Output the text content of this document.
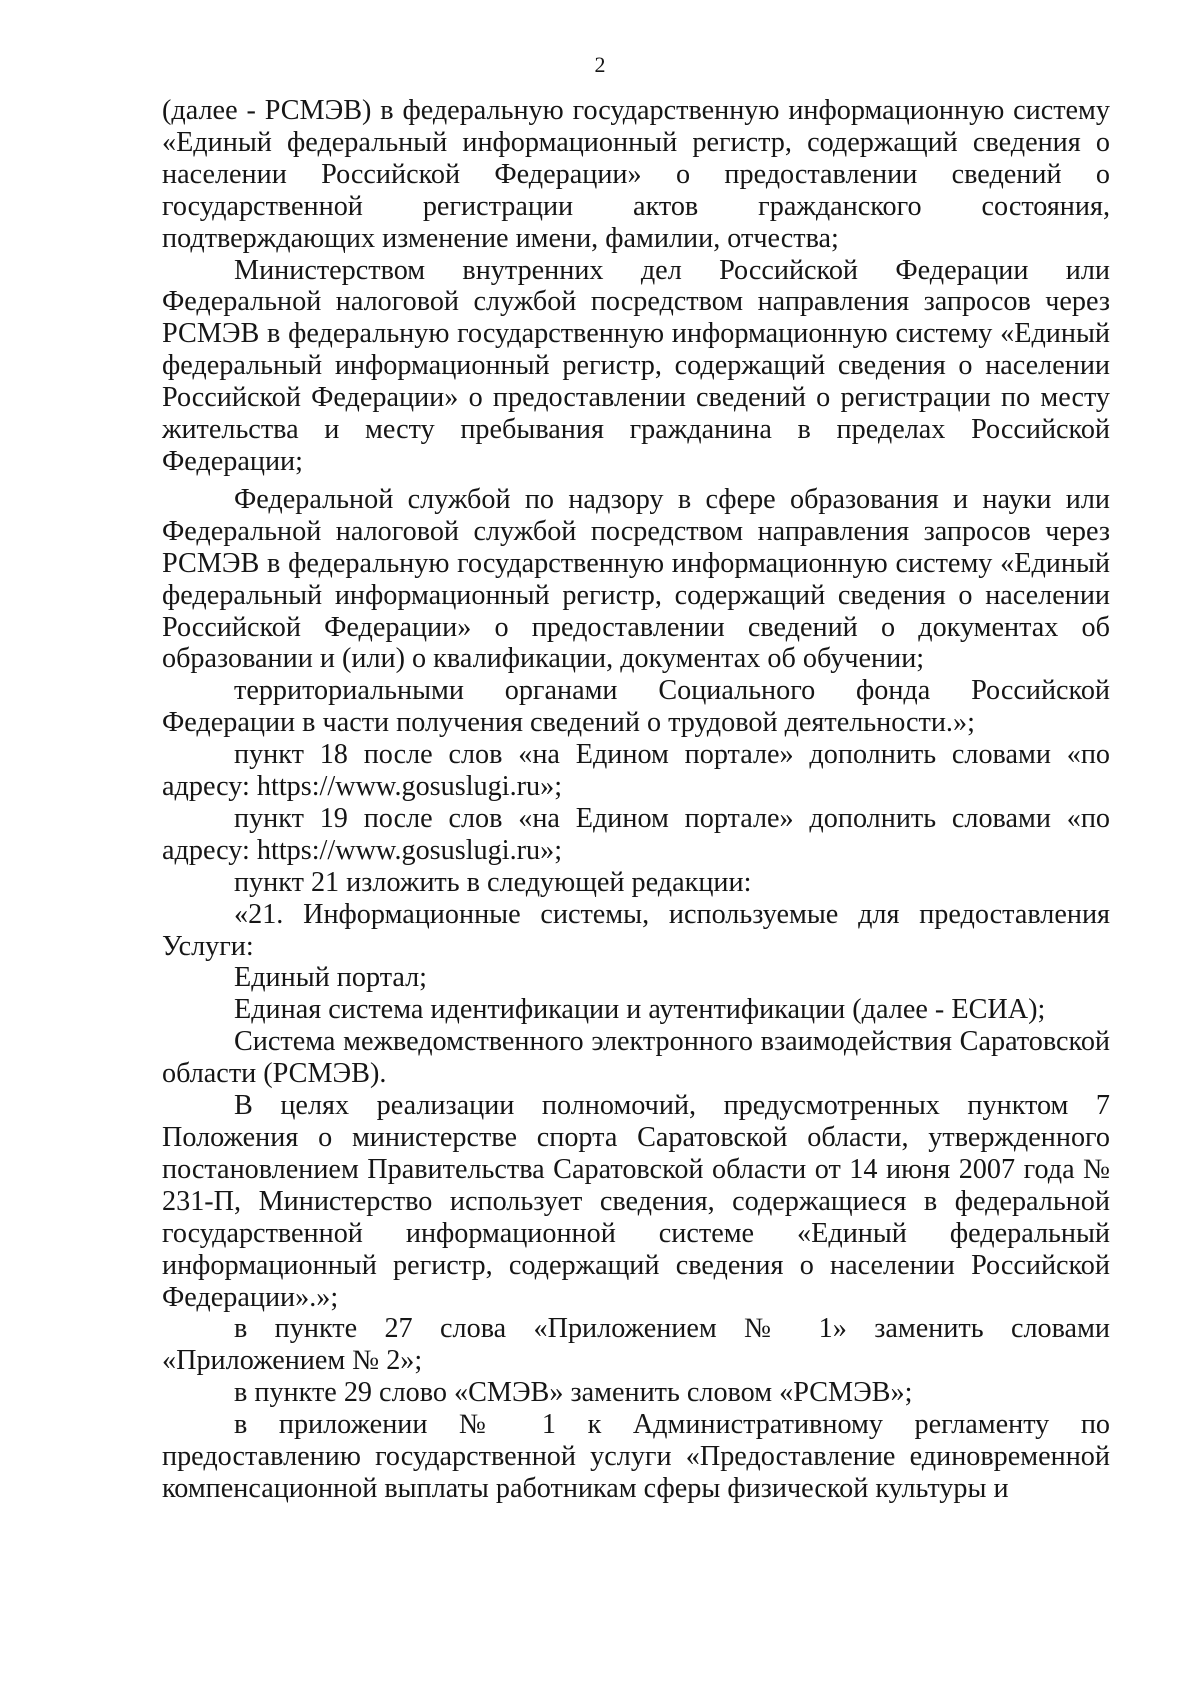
2

(далее - РСМЭВ) в федеральную государственную информационную систему «Единый федеральный информационный регистр, содержащий сведения о населении Российской Федерации» о предоставлении сведений о государственной регистрации актов гражданского состояния, подтверждающих изменение имени, фамилии, отчества;

Министерством внутренних дел Российской Федерации или Федеральной налоговой службой посредством направления запросов через РСМЭВ в федеральную государственную информационную систему «Единый федеральный информационный регистр, содержащий сведения о населении Российской Федерации» о предоставлении сведений о регистрации по месту жительства и месту пребывания гражданина в пределах Российской Федерации;

Федеральной службой по надзору в сфере образования и науки или Федеральной налоговой службой посредством направления запросов через РСМЭВ в федеральную государственную информационную систему «Единый федеральный информационный регистр, содержащий сведения о населении Российской Федерации» о предоставлении сведений о документах об образовании и (или) о квалификации, документах об обучении;

территориальными органами Социального фонда Российской Федерации в части получения сведений о трудовой деятельности.»;

пункт 18 после слов «на Едином портале» дополнить словами «по адресу: https://www.gosuslugi.ru»;

пункт 19 после слов «на Едином портале» дополнить словами «по адресу: https://www.gosuslugi.ru»;

пункт 21 изложить в следующей редакции:

«21. Информационные системы, используемые для предоставления Услуги:

Единый портал;

Единая система идентификации и аутентификации (далее - ЕСИА);

Система межведомственного электронного взаимодействия Саратовской области (РСМЭВ).

В целях реализации полномочий, предусмотренных пунктом 7 Положения о министерстве спорта Саратовской области, утвержденного постановлением Правительства Саратовской области от 14 июня 2007 года № 231-П, Министерство использует сведения, содержащиеся в федеральной государственной информационной системе «Единый федеральный информационный регистр, содержащий сведения о населении Российской Федерации».»;

в пункте 27 слова «Приложением № 1» заменить словами «Приложением № 2»;

в пункте 29 слово «СМЭВ» заменить словом «РСМЭВ»;

в приложении № 1 к Административному регламенту по предоставлению государственной услуги «Предоставление единовременной компенсационной выплаты работникам сферы физической культуры и
